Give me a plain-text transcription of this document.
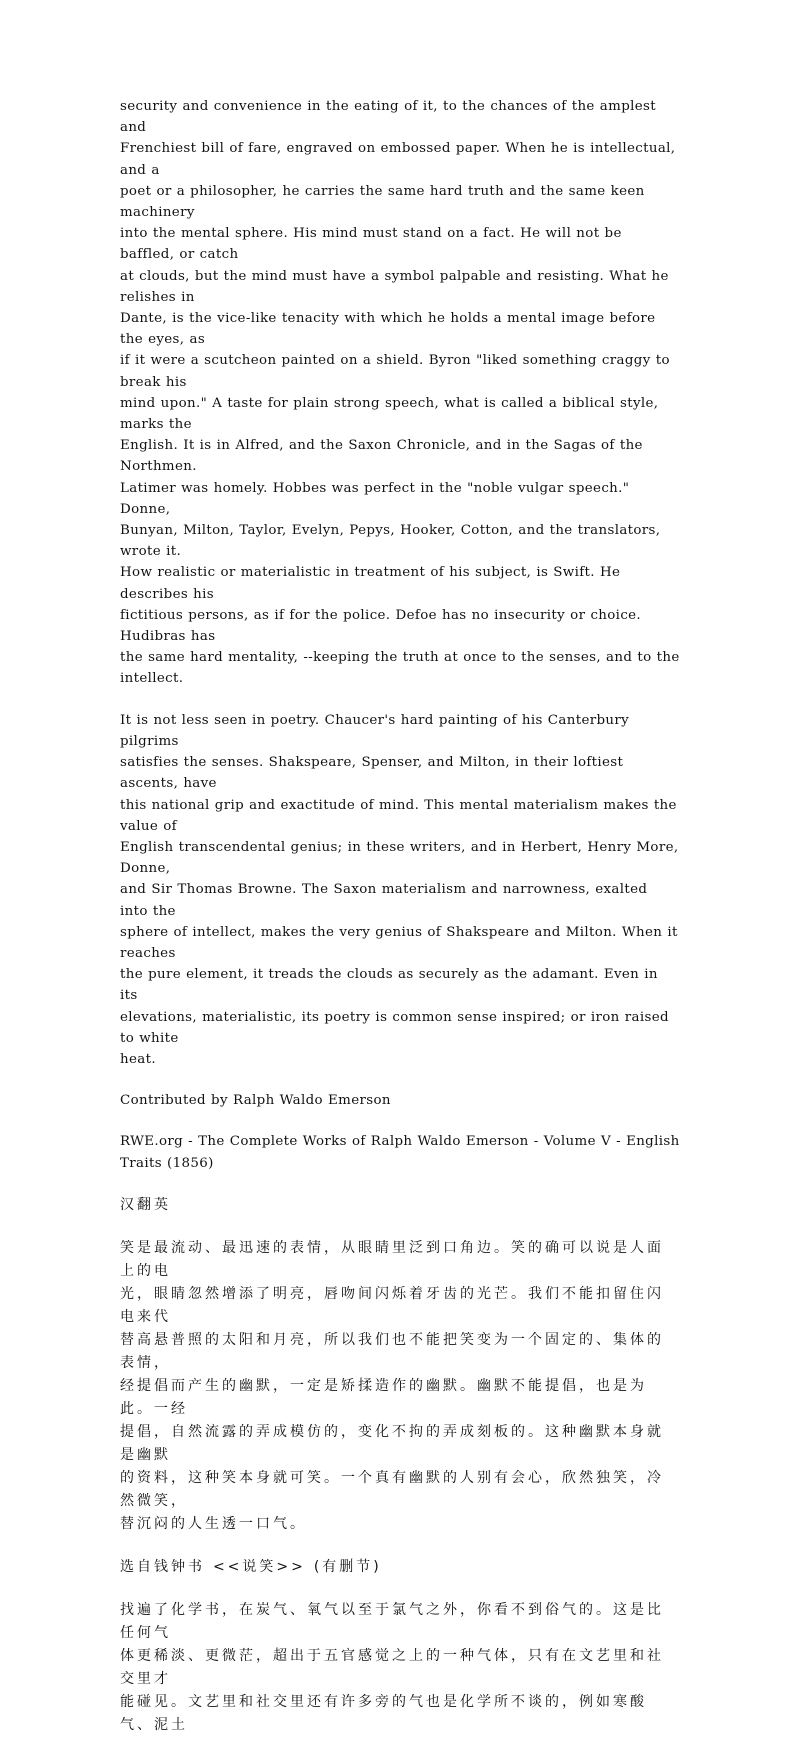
security and convenience in the eating of it, to the chances of the amplest and
Frenchiest bill of fare, engraved on embossed paper. When he is intellectual, and a
poet or a philosopher, he carries the same hard truth and the same keen machinery
into the mental sphere. His mind must stand on a fact. He will not be baffled, or catch
at clouds, but the mind must have a symbol palpable and resisting. What he relishes in
Dante, is the vice-like tenacity with which he holds a mental image before the eyes, as
if it were a scutcheon painted on a shield. Byron "liked something craggy to break his
mind upon." A taste for plain strong speech, what is called a biblical style, marks the
English. It is in Alfred, and the Saxon Chronicle, and in the Sagas of the Northmen.
Latimer was homely. Hobbes was perfect in the "noble vulgar speech." Donne,
Bunyan, Milton, Taylor, Evelyn, Pepys, Hooker, Cotton, and the translators, wrote it.
How realistic or materialistic in treatment of his subject, is Swift. He describes his
fictitious persons, as if for the police. Defoe has no insecurity or choice. Hudibras has
the same hard mentality, --keeping the truth at once to the senses, and to the intellect.

It is not less seen in poetry. Chaucer's hard painting of his Canterbury pilgrims
satisfies the senses. Shakspeare, Spenser, and Milton, in their loftiest ascents, have
this national grip and exactitude of mind. This mental materialism makes the value of
English transcendental genius; in these writers, and in Herbert, Henry More, Donne,
and Sir Thomas Browne. The Saxon materialism and narrowness, exalted into the
sphere of intellect, makes the very genius of Shakspeare and Milton. When it reaches
the pure element, it treads the clouds as securely as the adamant. Even in its
elevations, materialistic, its poetry is common sense inspired; or iron raised to white
heat.

Contributed by Ralph Waldo Emerson

RWE.org - The Complete Works of Ralph Waldo Emerson - Volume V - English
Traits (1856)

汉翻英

笑是最流动、最迅速的表情，从眼睛里泛到口角边。笑的确可以说是人面上的电
光，眼睛忽然增添了明亮，唇吻间闪烁着牙齿的光芒。我们不能扣留住闪电来代
替高悬普照的太阳和月亮，所以我们也不能把笑变为一个固定的、集体的表情，
经提倡而产生的幽默，一定是矫揉造作的幽默。幽默不能提倡，也是为此。一经
提倡，自然流露的弄成模仿的，变化不拘的弄成刻板的。这种幽默本身就是幽默
的资料，这种笑本身就可笑。一个真有幽默的人别有会心，欣然独笑，冷然微笑，
替沉闷的人生透一口气。

选自钱钟书 <<说笑>> (有删节)

找遍了化学书，在炭气、氧气以至于氯气之外，你看不到俗气的。这是比任何气
体更稀淡、更微茫，超出于五官感觉之上的一种气体，只有在文艺里和社交里才
能碰见。文艺里和社交里还有许多旁的气也是化学所不谈的，例如寒酸气、泥土
